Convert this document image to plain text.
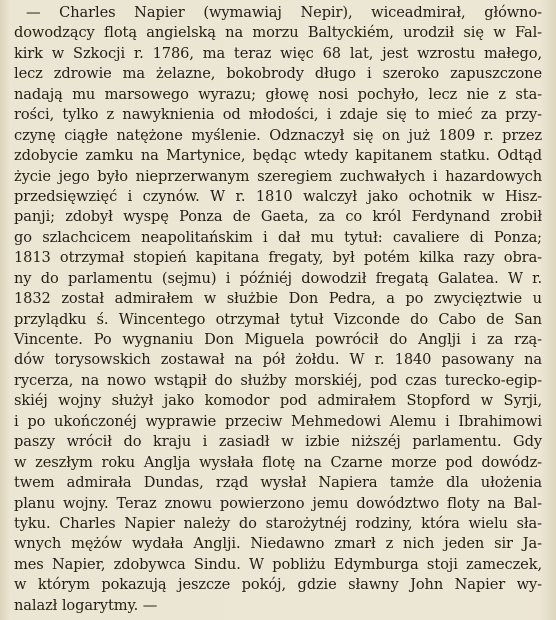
— Charles Napier (wymawiaj Nepir), wiceadmirał, główno-
dowodzący flotą angielską na morzu Baltyckiém, urodził się w Fal-
kirk w Szkocji r. 1786, ma teraz więc 68 lat, jest wzrostu małego,
lecz zdrowie ma żelazne, bokobrody długo i szeroko zapuszczone
nadają mu marsowego wyrazu; głowę nosi pochyło, lecz nie z sta-
rości, tylko z nawyknienia od młodości, i zdaje się to mieć za przy-
czynę ciągłe natężone myślenie. Odznaczył się on już 1809 r. przez
zdobycie zamku na Martynice, będąc wtedy kapitanem statku. Odtąd
życie jego było nieprzerwanym szeregiem zuchwałych i hazardowych
przedsięwzięć i czynów. W r. 1810 walczył jako ochotnik w Hisz-
panji; zdobył wyspę Ponza de Gaeta, za co król Ferdynand zrobił
go szlachcicem neapolitańskim i dał mu tytuł: cavaliere di Ponza;
1813 otrzymał stopień kapitana fregaty, był potém kilka razy obra-
ny do parlamentu (sejmu) i późniéj dowodził fregatą Galatea. W r.
1832 został admirałem w służbie Don Pedra, a po zwycięztwie u
przylądku ś. Wincentego otrzymał tytuł Vizconde do Cabo de San
Vincente. Po wygnaniu Don Miguela powrócił do Anglji i za rzą-
dów torysowskich zostawał na pół żołdu. W r. 1840 pasowany na
rycerza, na nowo wstąpił do służby morskiéj, pod czas turecko-egip-
skiéj wojny służył jako komodor pod admirałem Stopford w Syrji,
i po ukończonéj wyprawie przeciw Mehmedowi Alemu i Ibrahimowi
paszy wrócił do kraju i zasiadł w izbie niższéj parlamentu. Gdy
w zeszłym roku Anglja wysłała flotę na Czarne morze pod dowódz-
twem admirała Dundas, rząd wysłał Napiera tamże dla ułożenia
planu wojny. Teraz znowu powierzono jemu dowództwo floty na Bal-
tyku. Charles Napier należy do starożytnéj rodziny, która wielu sła-
wnych mężów wydała Anglji. Niedawno zmarł z nich jeden sir Ja-
mes Napier, zdobywca Sindu. W pobliżu Edymburga stoji zameczek,
w którym pokazują jeszcze pokój, gdzie sławny John Napier wy-
nalazł logarytmy. —
